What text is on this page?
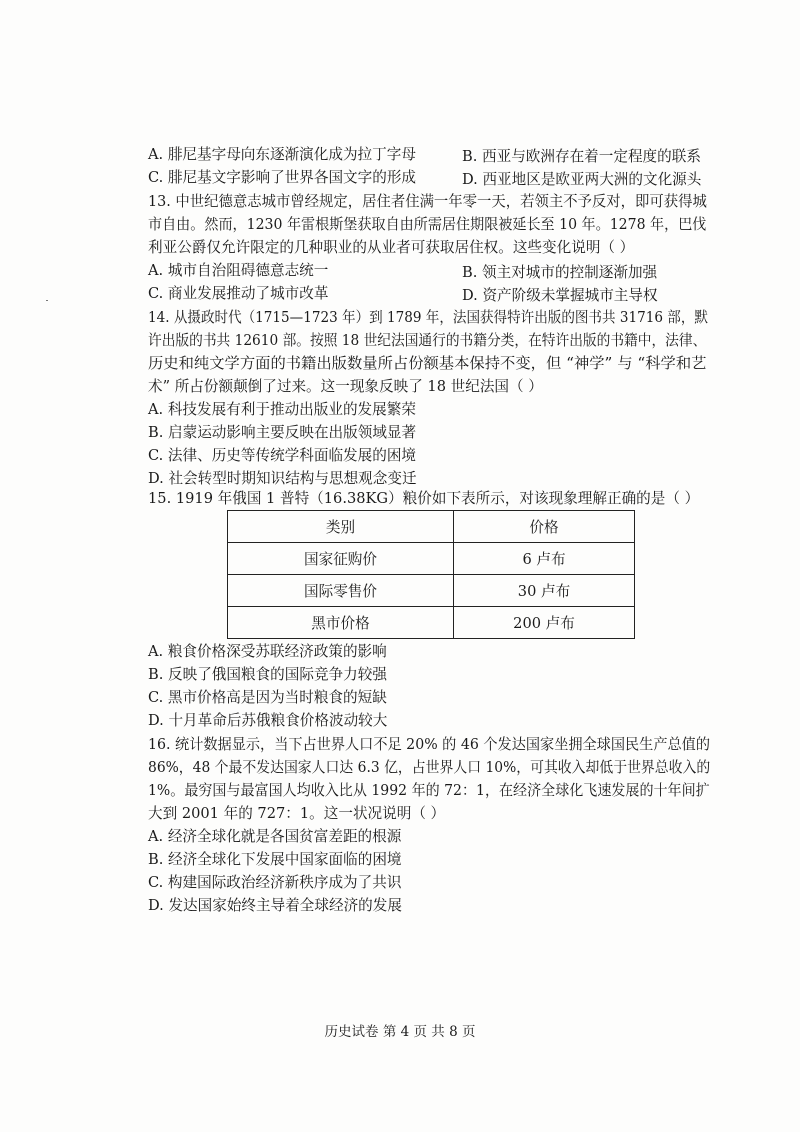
A. 腓尼基字母向东逐渐演化成为拉丁字母	B. 西亚与欧洲存在着一定程度的联系
C. 腓尼基文字影响了世界各国文字的形成	D. 西亚地区是欧亚两大洲的文化源头
13. 中世纪德意志城市曾经规定，居住者住满一年零一天，若领主不予反对，即可获得城
市自由。然而，1230 年雷根斯堡获取自由所需居住期限被延长至 10 年。1278 年，巴伐
利亚公爵仅允许限定的几种职业的从业者可获取居住权。这些变化说明（ ）
A. 城市自治阻碍德意志统一	B. 领主对城市的控制逐渐加强
C. 商业发展推动了城市改革	D. 资产阶级未掌握城市主导权
14. 从摄政时代（1715—1723 年）到 1789 年，法国获得特许出版的图书共 31716 部，默
许出版的书共 12610 部。按照 18 世纪法国通行的书籍分类，在特许出版的书籍中，法律、
历史和纯文学方面的书籍出版数量所占份额基本保持不变，但 “神学” 与 “科学和艺
术” 所占份额颠倒了过来。这一现象反映了 18 世纪法国（ ）
A. 科技发展有利于推动出版业的发展繁荣
B. 启蒙运动影响主要反映在出版领域显著
C. 法律、历史等传统学科面临发展的困境
D. 社会转型时期知识结构与思想观念变迁
15. 1919 年俄国 1 普特（16.38KG）粮价如下表所示，对该现象理解正确的是（ ）
类别	价格
国家征购价	6 卢布
国际零售价	30 卢布
黑市价格	200 卢布
A. 粮食价格深受苏联经济政策的影响
B. 反映了俄国粮食的国际竞争力较强
C. 黑市价格高是因为当时粮食的短缺
D. 十月革命后苏俄粮食价格波动较大
16. 统计数据显示，当下占世界人口不足 20% 的 46 个发达国家坐拥全球国民生产总值的
86%，48 个最不发达国家人口达 6.3 亿，占世界人口 10%，可其收入却低于世界总收入的
1%。最穷国与最富国人均收入比从 1992 年的 72：1，在经济全球化飞速发展的十年间扩
大到 2001 年的 727：1。这一状况说明（ ）
A. 经济全球化就是各国贫富差距的根源
B. 经济全球化下发展中国家面临的困境
C. 构建国际政治经济新秩序成为了共识
D. 发达国家始终主导着全球经济的发展
历史试卷 第 4 页 共 8 页
